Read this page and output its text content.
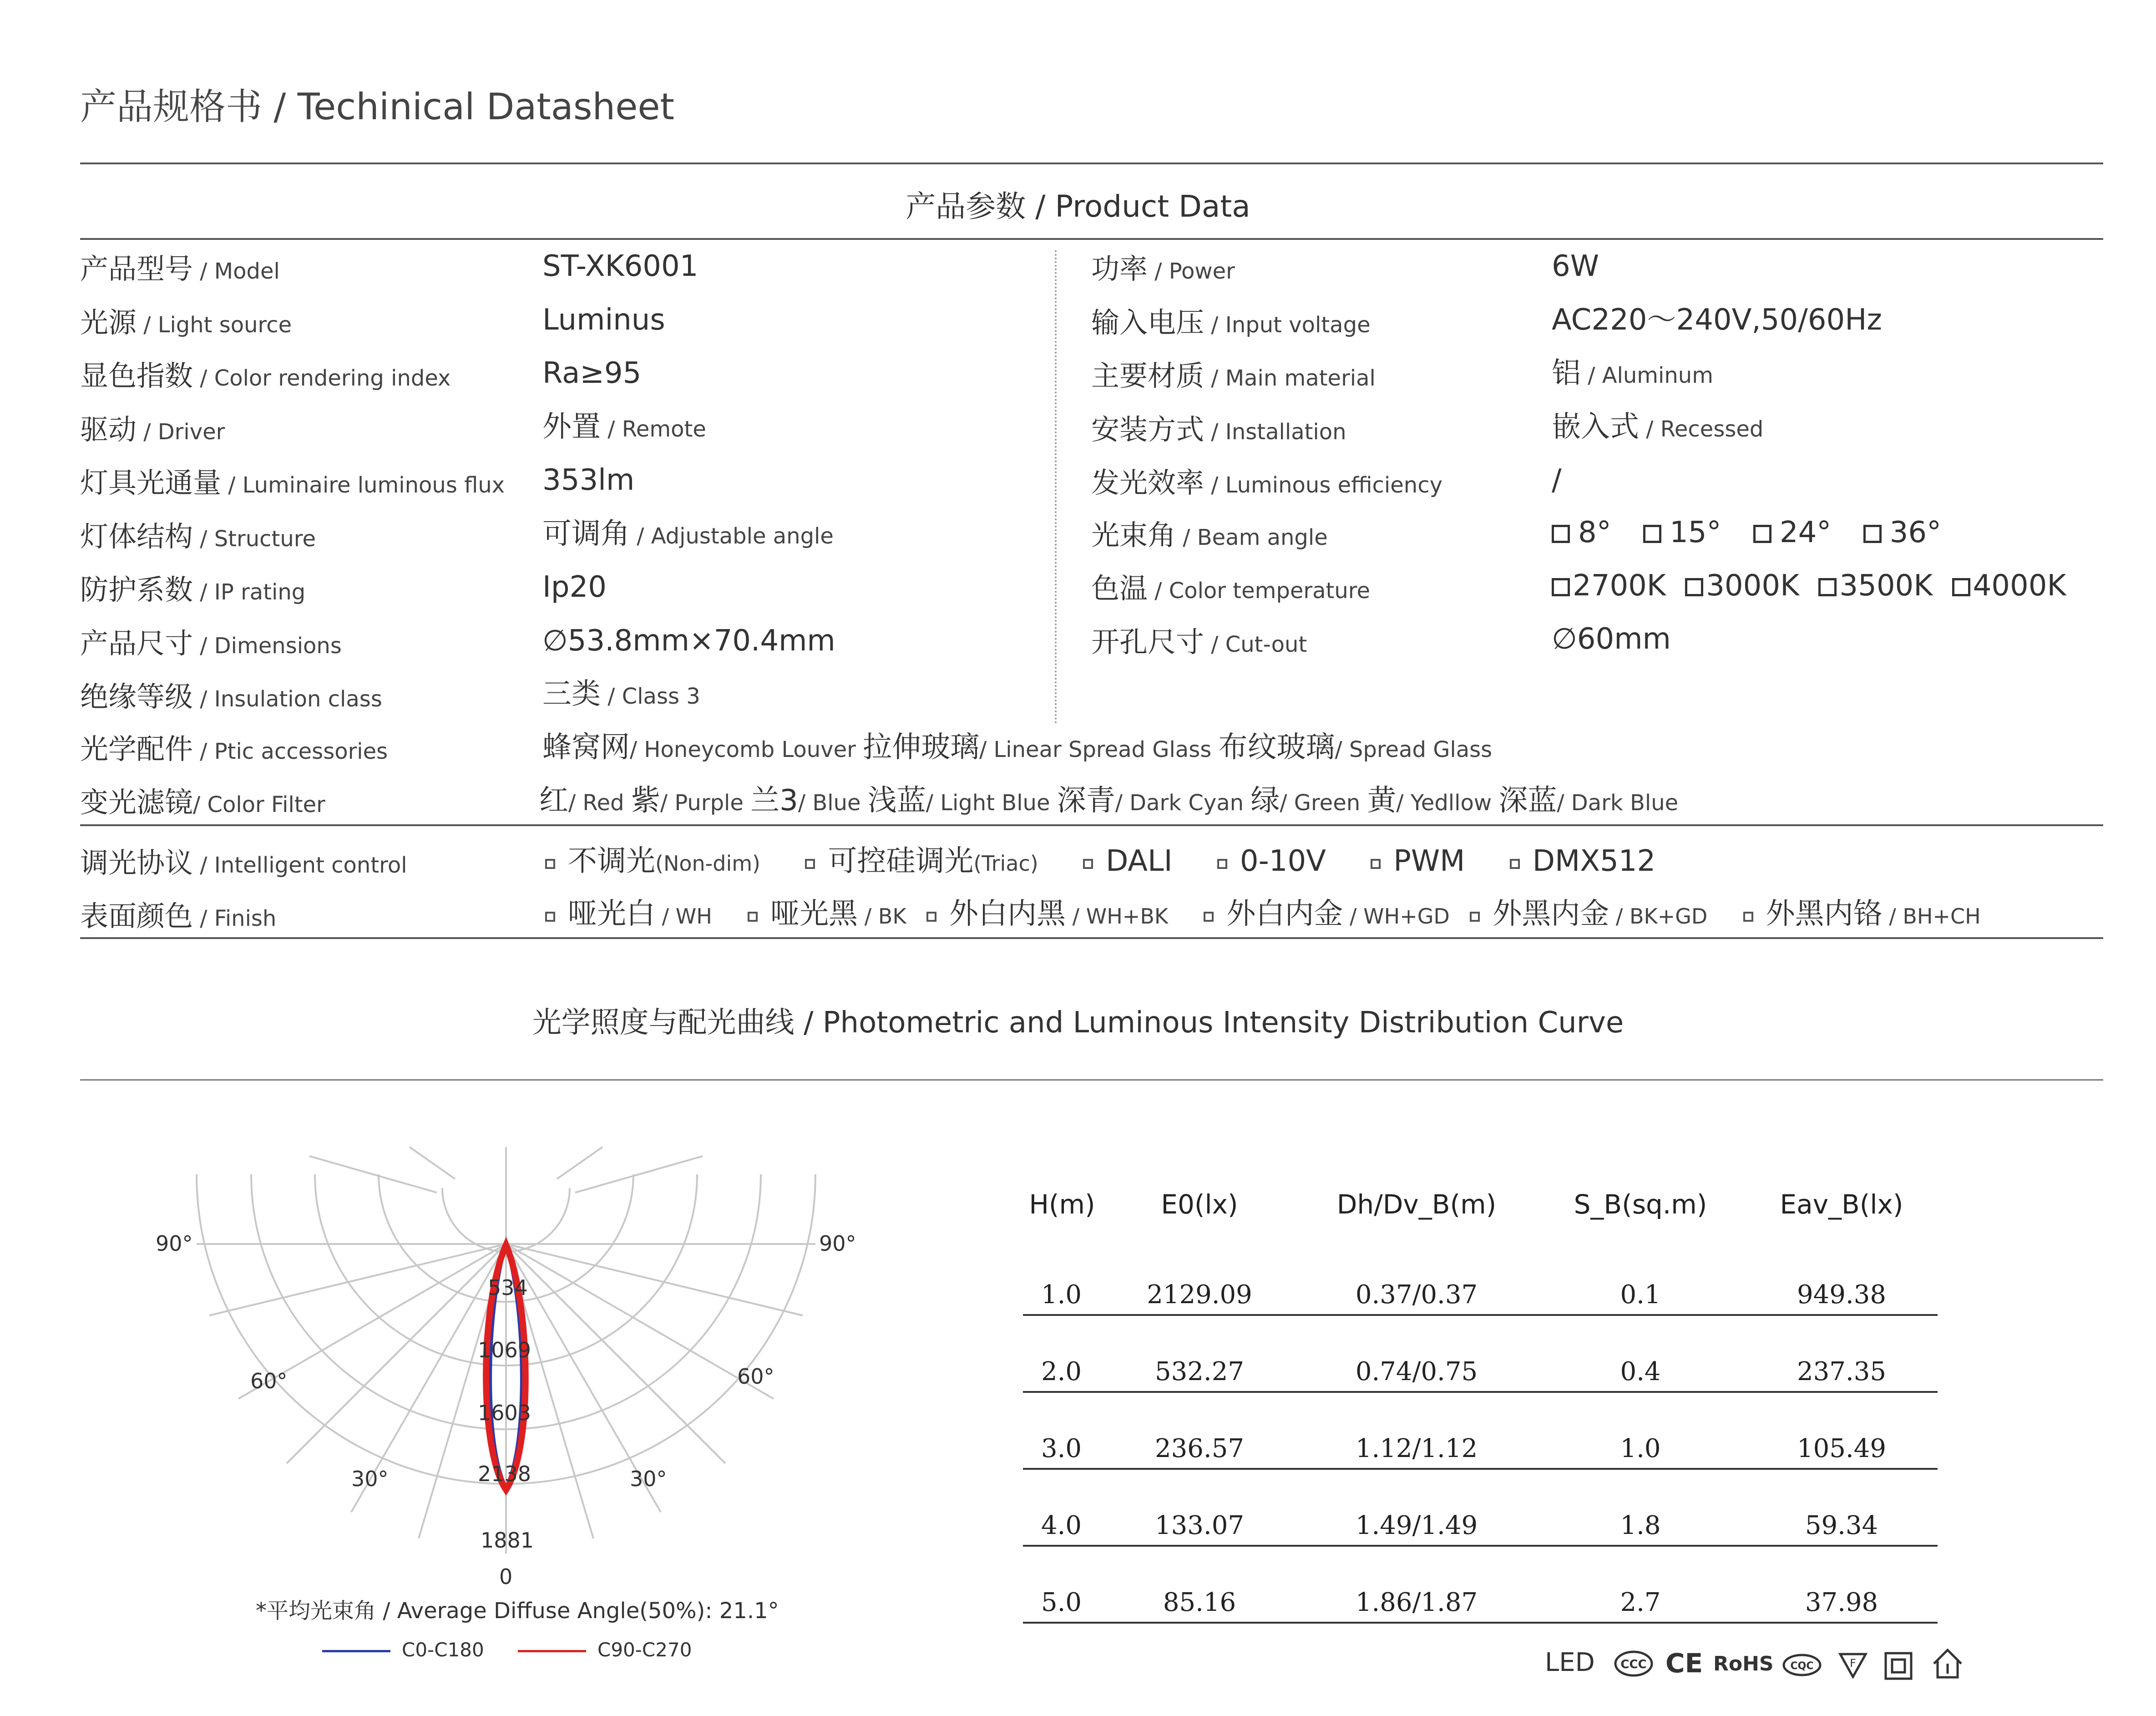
产品规格书 / Techinical Datasheet
产品参数 / Product Data
产品型号 / Model	ST-XK6001
光源 / Light source	Luminus
显色指数 / Color rendering index	Ra≥95
驱动 / Driver	外置 / Remote
灯具光通量 / Luminaire luminous flux 353lm
灯体结构 / Structure	可调角 / Adjustable angle
防护系数 / IP rating	Ip20
产品尺寸 / Dimensions	∅53.8mm×70.4mm
绝缘等级 / Insulation class	三类 / Class 3
功率 / Power	6W
输入电压 / Input voltage	AC220～240V,50/60Hz
主要材质 / Main material	铝 / Aluminum
安装方式 / Installation	嵌入式 / Recessed
发光效率 / Luminous efficiency	/
光束角 / Beam angle	8° 15° 24° 36°
色温 / Color temperature	2700K 3000K 3500K 4000K
开孔尺寸 / Cut-out	∅60mm
光学配件 / Ptic accessories	蜂窝网/ Honeycomb Louver 拉伸玻璃/ Linear Spread Glass 布纹玻璃/ Spread Glass
变光滤镜/ Color Filter	红/ Red 紫/ Purple 兰3/ Blue 浅蓝/ Light Blue 深青/ Dark Cyan 绿/ Green 黄/ Yedllow 深蓝/ Dark Blue
调光协议 / Intelligent control	不调光(Non-dim) 可控硅调光(Triac) DALI 0-10V PWM DMX512
表面颜色 / Finish	哑光白 / WH 哑光黑 / BK 外白内黑 / WH+BK 外白内金 / WH+GD 外黑内金 / BK+GD 外黑内铬 / BH+CH
光学照度与配光曲线 / Photometric and Luminous Intensity Distribution Curve
90°	90°
60°	60°
30°	30°
0
534
1069
1603
2138
1881
*平均光束角 / Average Diffuse Angle(50%): 21.1°
C0-C180	C90-C270
H(m)	E0(lx)	Dh/Dv_B(m)	S_B(sq.m)	Eav_B(lx)
1.0	2129.09	0.37/0.37	0.1	949.38
2.0	532.27	0.74/0.75	0.4	237.35
3.0	236.57	1.12/1.12	1.0	105.49
4.0	133.07	1.49/1.49	1.8	59.34
5.0	85.16	1.86/1.87	2.7	37.98
LED CCC CE RoHS CQC	F
